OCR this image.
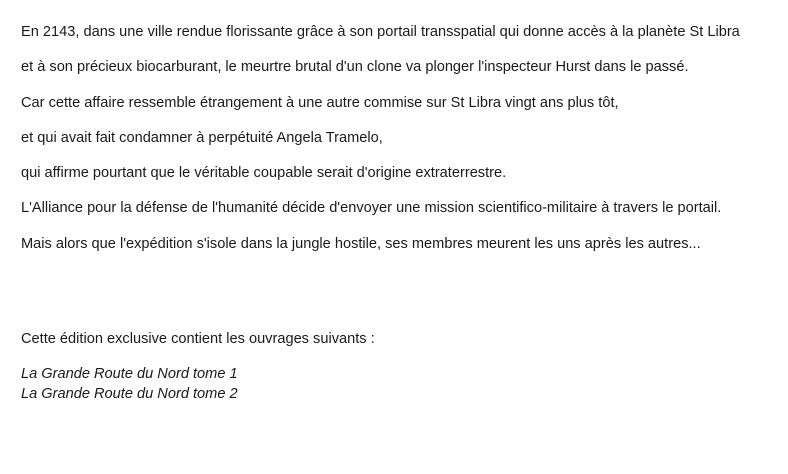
En 2143, dans une ville rendue florissante grâce à son portail transspatial qui donne accès à la planète St Libra

et à son précieux biocarburant, le meurtre brutal d'un clone va plonger l'inspecteur Hurst dans le passé.

Car cette affaire ressemble étrangement à une autre commise sur St Libra vingt ans plus tôt,

et qui avait fait condamner à perpétuité Angela Tramelo,

qui affirme pourtant que le véritable coupable serait d'origine extraterrestre.

L'Alliance pour la défense de l'humanité décide d'envoyer une mission scientifico-militaire à travers le portail.

Mais alors que l'expédition s'isole dans la jungle hostile, ses membres meurent les uns après les autres...

Cette édition exclusive contient les ouvrages suivants :

La Grande Route du Nord tome 1
La Grande Route du Nord tome 2
